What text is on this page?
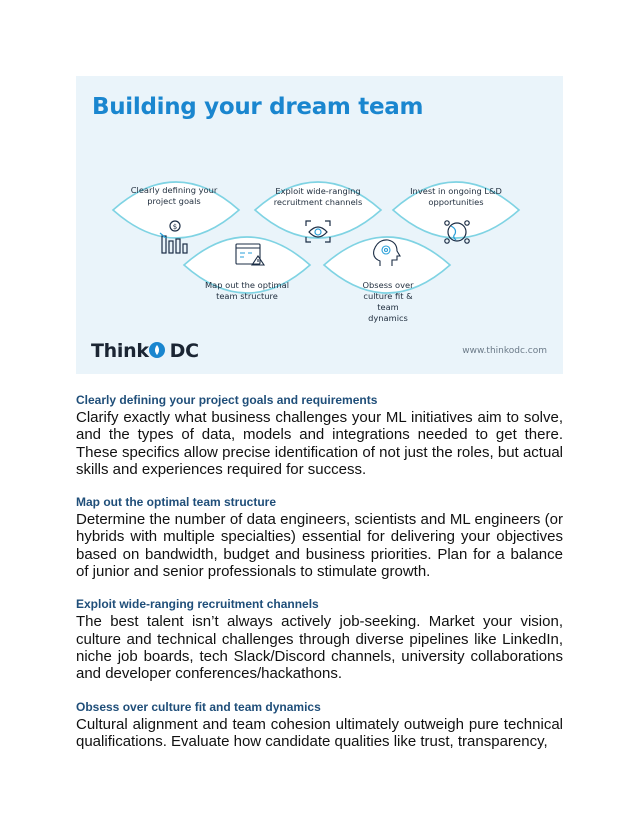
Building your dream team
$
Clearly defining your project goals
Exploit wide-ranging recruitment channels
Invest in ongoing L&D opportunities
Map out the optimal team structure
Obsess over culture fit & team dynamics
Think DC	www.thinkodc.com

Clearly defining your project goals and requirements

Clarify exactly what business challenges your ML initiatives aim to solve, and the types of data, models and integrations needed to get there. These specifics allow precise identification of not just the roles, but actual skills and experiences required for success.

Map out the optimal team structure

Determine the number of data engineers, scientists and ML engineers (or hybrids with multiple specialties) essential for delivering your objectives based on bandwidth, budget and business priorities. Plan for a balance of junior and senior professionals to stimulate growth.

Exploit wide-ranging recruitment channels

The best talent isn’t always actively job-seeking. Market your vision, culture and technical challenges through diverse pipelines like LinkedIn, niche job boards, tech Slack/Discord channels, university collaborations and developer conferences/hackathons.

Obsess over culture fit and team dynamics

Cultural alignment and team cohesion ultimately outweigh pure technical qualifications. Evaluate how candidate qualities like trust, transparency,
